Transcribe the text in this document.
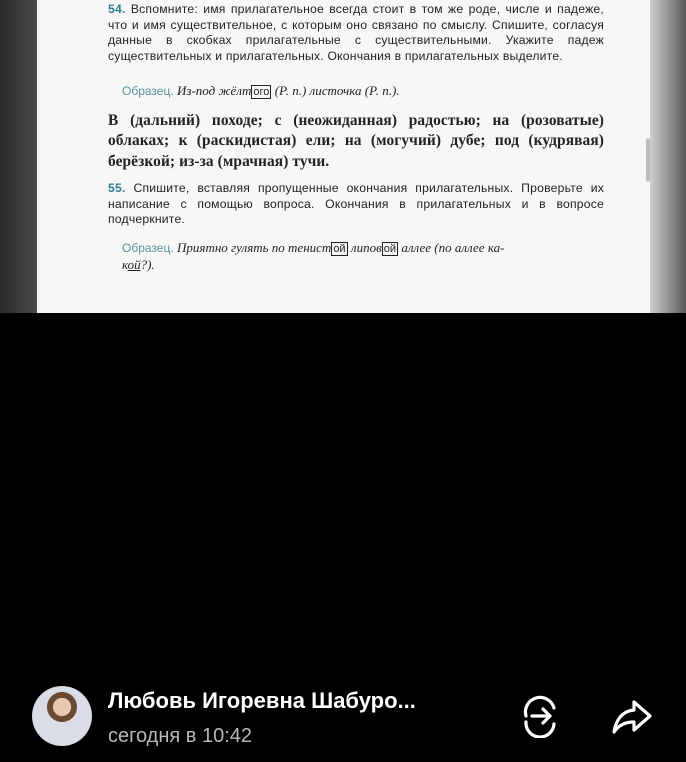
54. Вспомните: имя прилагательное всегда стоит в том же роде, числе и падеже, что и имя существительное, с которым оно связано по смыслу. Спишите, согласуя данные в скобках прилагательные с существительными. Укажите падеж существительных и прилагательных. Окончания в прилагательных выделите.

Образец. Из-под жёлт ого (Р. п.) листочка (Р. п.).

В (дальний) походе; с (неожиданная) радостью; на (розоватые) облаках; к (раскидистая) ели; на (могучий) дубе; под (кудрявая) берёзкой; из-за (мрачная) тучи.

55. Спишите, вставляя пропущенные окончания прилагательных. Проверьте их написание с помощью вопроса. Окончания в прилагательных и в вопросе подчеркните.

Образец. Приятно гулять по тенист ой липов ой аллее (по аллее ка-
кой?).

Любовь Игоревна Шабуро...
сегодня в 10:42
